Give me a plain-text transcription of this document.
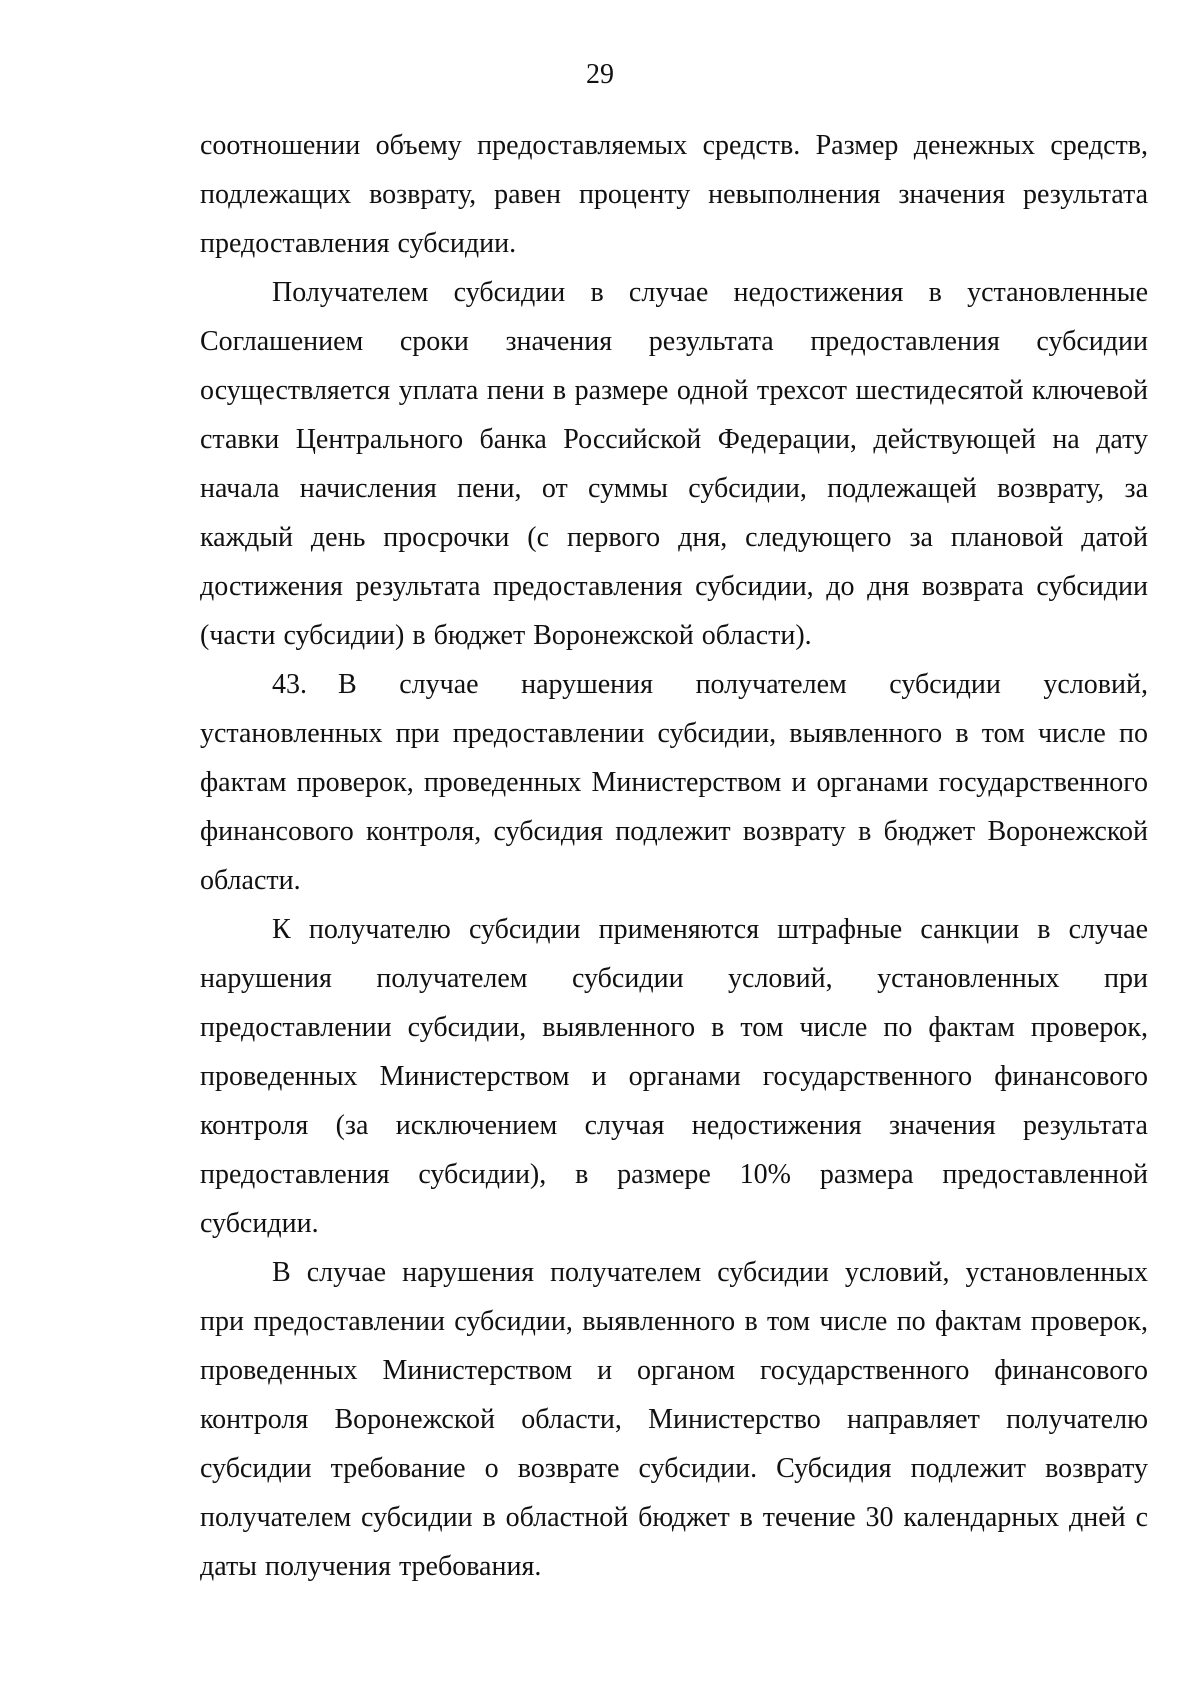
29

соотношении объему предоставляемых средств. Размер денежных средств, подлежащих возврату, равен проценту невыполнения значения результата предоставления субсидии.

Получателем субсидии в случае недостижения в установленные Соглашением сроки значения результата предоставления субсидии осуществляется уплата пени в размере одной трехсот шестидесятой ключевой ставки Центрального банка Российской Федерации, действующей на дату начала начисления пени, от суммы субсидии, подлежащей возврату, за каждый день просрочки (с первого дня, следующего за плановой датой достижения результата предоставления субсидии, до дня возврата субсидии (части субсидии) в бюджет Воронежской области).

43. В случае нарушения получателем субсидии условий, установленных при предоставлении субсидии, выявленного в том числе по фактам проверок, проведенных Министерством и органами государственного финансового контроля, субсидия подлежит возврату в бюджет Воронежской области.

К получателю субсидии применяются штрафные санкции в случае нарушения получателем субсидии условий, установленных при предоставлении субсидии, выявленного в том числе по фактам проверок, проведенных Министерством и органами государственного финансового контроля (за исключением случая недостижения значения результата предоставления субсидии), в размере 10% размера предоставленной субсидии.

В случае нарушения получателем субсидии условий, установленных при предоставлении субсидии, выявленного в том числе по фактам проверок, проведенных Министерством и органом государственного финансового контроля Воронежской области, Министерство направляет получателю субсидии требование о возврате субсидии. Субсидия подлежит возврату получателем субсидии в областной бюджет в течение 30 календарных дней с даты получения требования.
